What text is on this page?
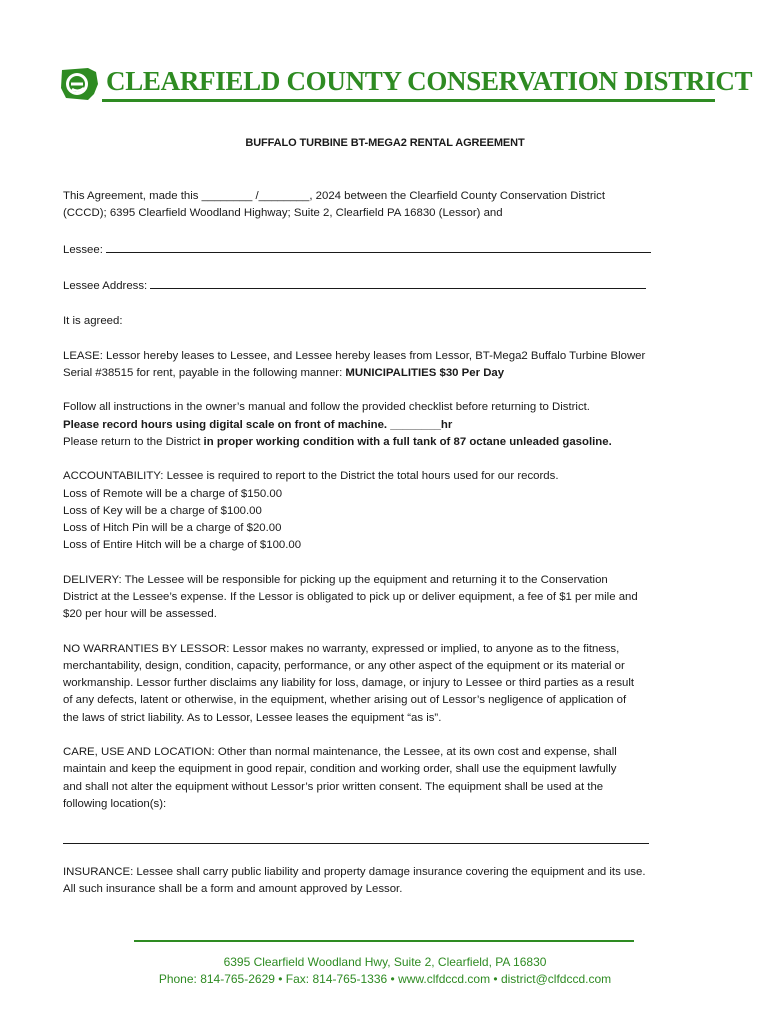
CLEARFIELD COUNTY CONSERVATION DISTRICT
BUFFALO TURBINE BT-MEGA2 RENTAL AGREEMENT

This Agreement, made this ________ /________, 2024 between the Clearfield County Conservation District
(CCCD); 6395 Clearfield Woodland Highway; Suite 2, Clearfield PA 16830 (Lessor) and

Lessee:

Lessee Address:

It is agreed:

LEASE: Lessor hereby leases to Lessee, and Lessee hereby leases from Lessor, BT-Mega2 Buffalo Turbine Blower
Serial #38515 for rent, payable in the following manner: MUNICIPALITIES $30 Per Day

Follow all instructions in the owner’s manual and follow the provided checklist before returning to District.
Please record hours using digital scale on front of machine. ________hr
Please return to the District in proper working condition with a full tank of 87 octane unleaded gasoline.

ACCOUNTABILITY: Lessee is required to report to the District the total hours used for our records.
Loss of Remote will be a charge of $150.00
Loss of Key will be a charge of $100.00
Loss of Hitch Pin will be a charge of $20.00
Loss of Entire Hitch will be a charge of $100.00

DELIVERY: The Lessee will be responsible for picking up the equipment and returning it to the Conservation
District at the Lessee’s expense. If the Lessor is obligated to pick up or deliver equipment, a fee of $1 per mile and
$20 per hour will be assessed.

NO WARRANTIES BY LESSOR: Lessor makes no warranty, expressed or implied, to anyone as to the fitness,
merchantability, design, condition, capacity, performance, or any other aspect of the equipment or its material or
workmanship. Lessor further disclaims any liability for loss, damage, or injury to Lessee or third parties as a result
of any defects, latent or otherwise, in the equipment, whether arising out of Lessor’s negligence of application of
the laws of strict liability. As to Lessor, Lessee leases the equipment “as is”.

CARE, USE AND LOCATION: Other than normal maintenance, the Lessee, at its own cost and expense, shall
maintain and keep the equipment in good repair, condition and working order, shall use the equipment lawfully
and shall not alter the equipment without Lessor’s prior written consent. The equipment shall be used at the
following location(s):

INSURANCE: Lessee shall carry public liability and property damage insurance covering the equipment and its use.
All such insurance shall be a form and amount approved by Lessor.
6395 Clearfield Woodland Hwy, Suite 2, Clearfield, PA 16830
Phone: 814-765-2629 • Fax: 814-765-1336 • www.clfdccd.com • district@clfdccd.com
